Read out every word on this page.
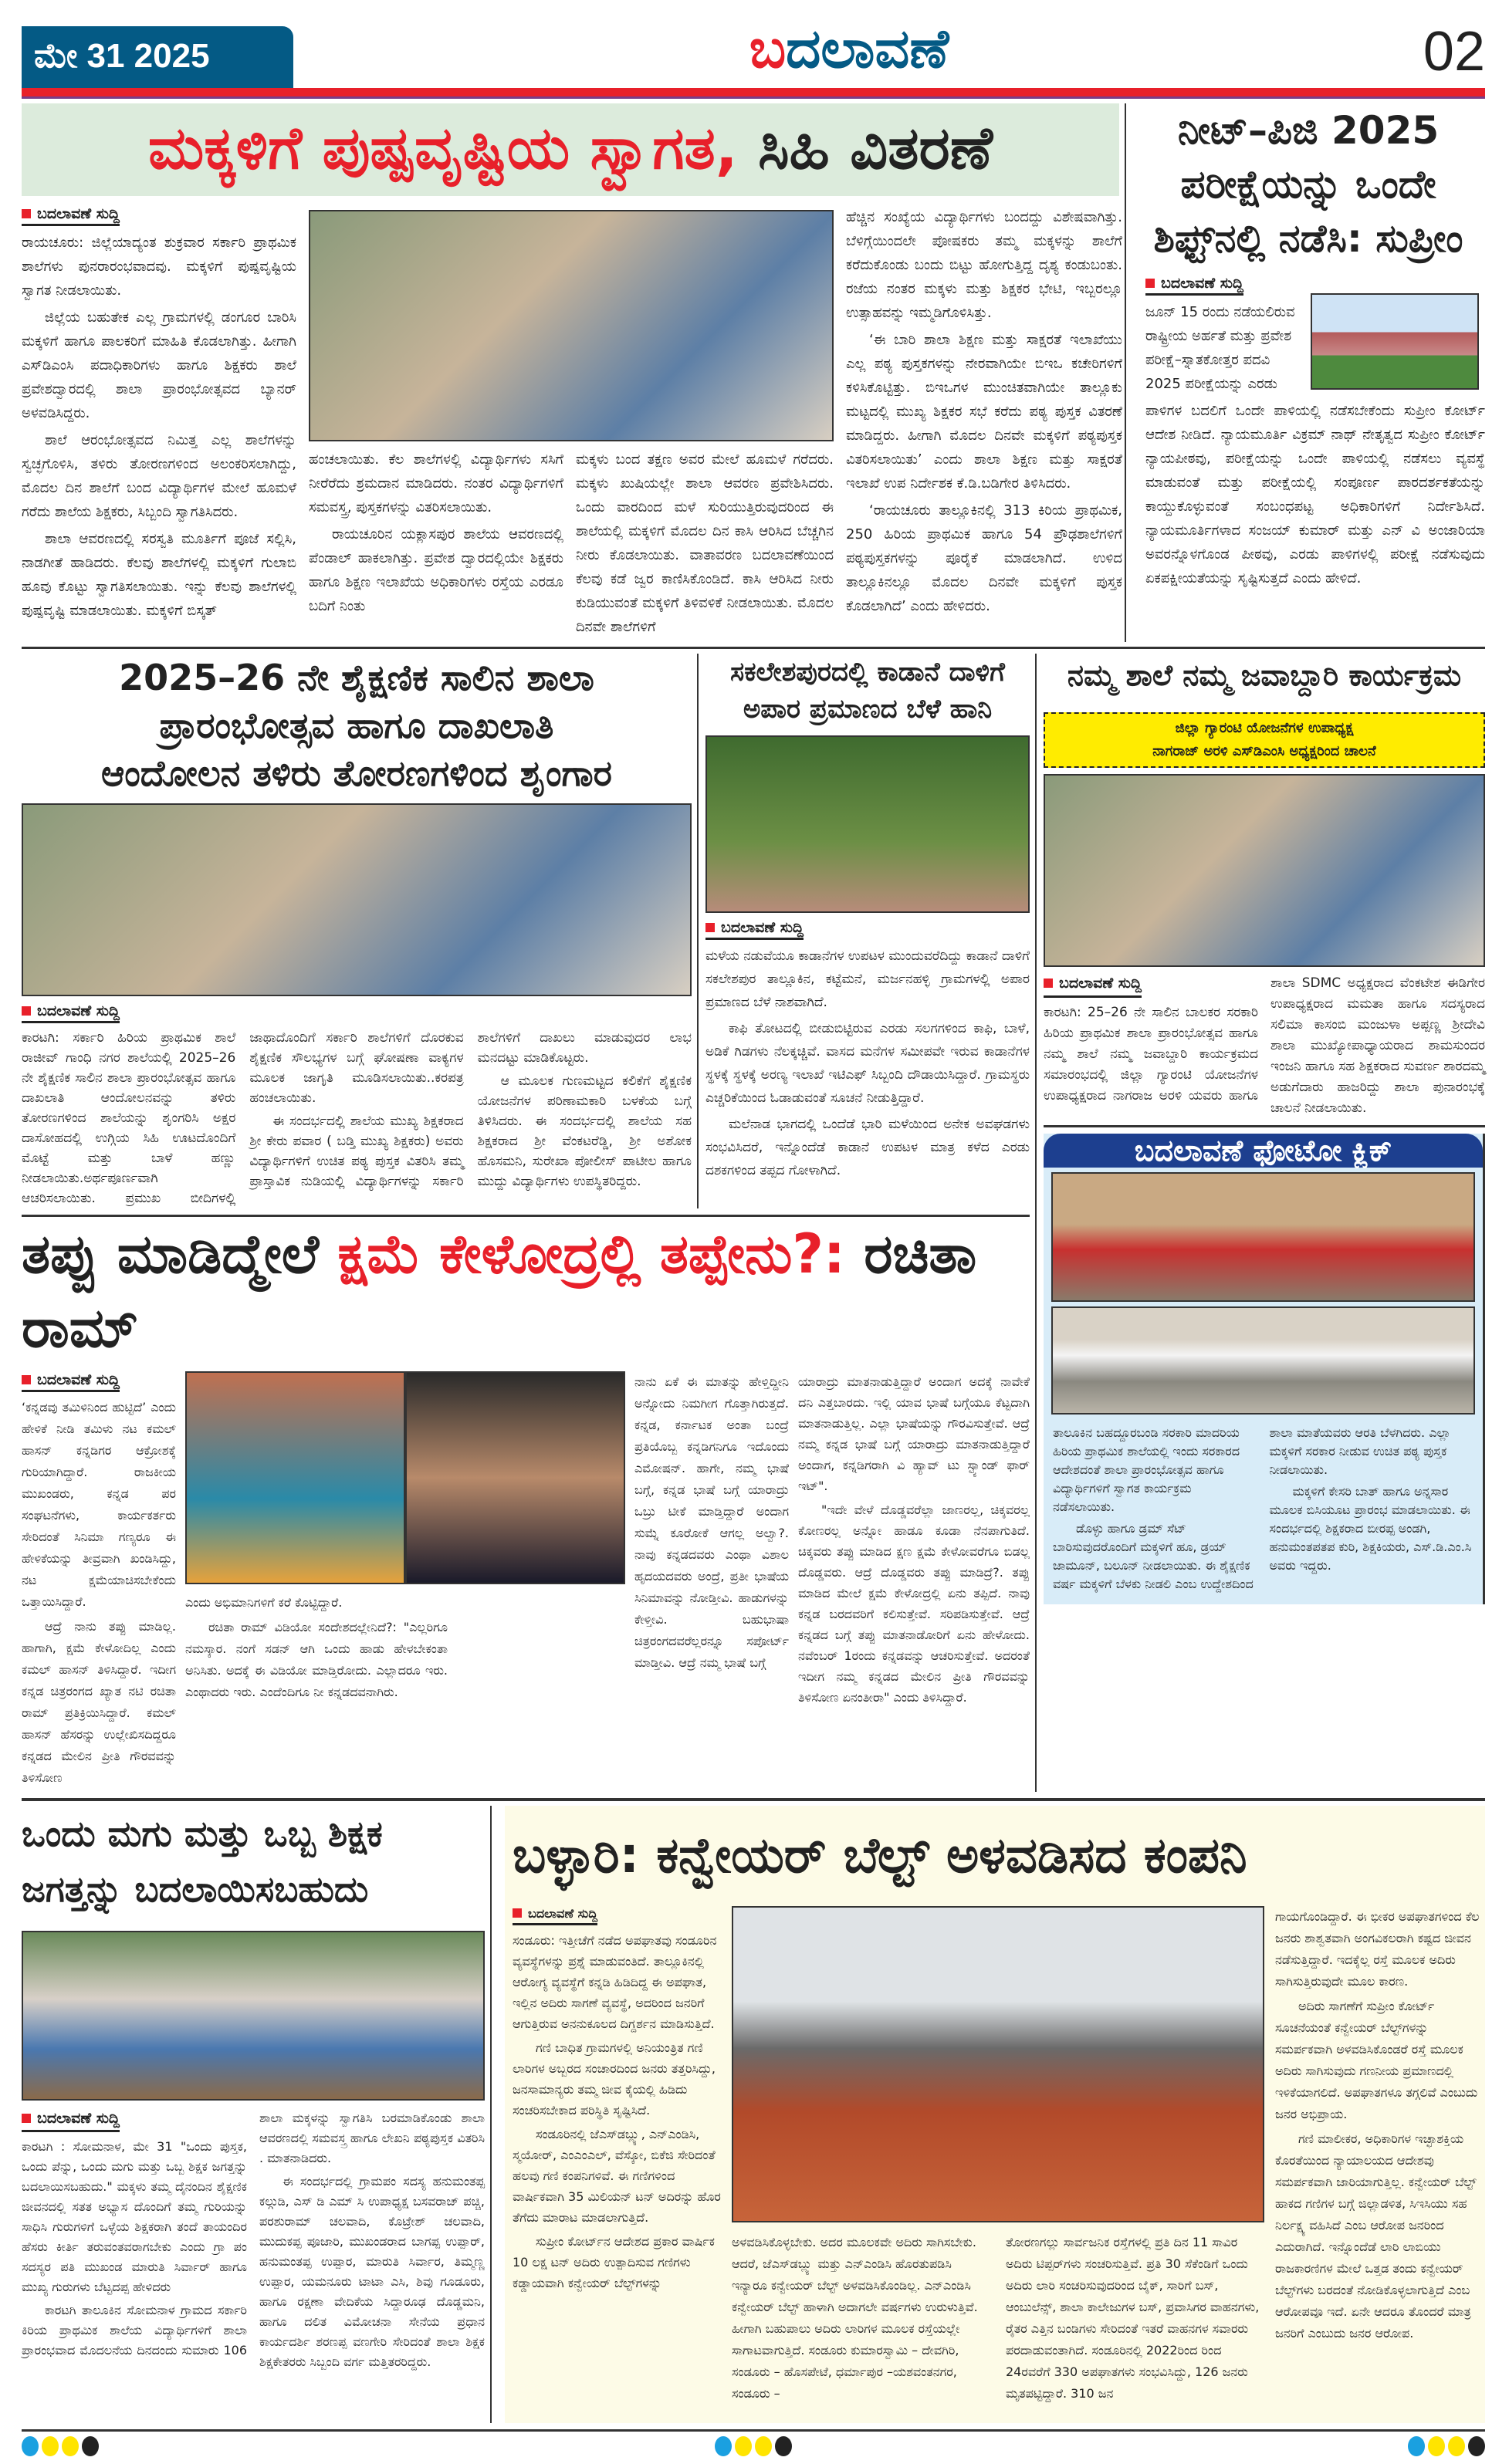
ಮೇ 31 2025	ಬದಲಾವಣೆ	02
ಮಕ್ಕಳಿಗೆ ಪುಷ್ಪವೃಷ್ಟಿಯ ಸ್ವಾಗತ, ಸಿಹಿ ವಿತರಣೆ
ಬದಲಾವಣೆ ಸುದ್ದಿ

ರಾಯಚೂರು: ಜಿಲ್ಲೆಯಾದ್ಯಂತ ಶುಕ್ರವಾರ ಸರ್ಕಾರಿ ಪ್ರಾಥಮಿಕ ಶಾಲೆಗಳು ಪುನರಾರಂಭವಾದವು. ಮಕ್ಕಳಿಗೆ ಪುಷ್ಪವೃಷ್ಟಿಯ ಸ್ವಾಗತ ನೀಡಲಾಯಿತು.

ಜಿಲ್ಲೆಯ ಬಹುತೇಕ ಎಲ್ಲ ಗ್ರಾಮಗಳಲ್ಲಿ ಡಂಗೂರ ಬಾರಿಸಿ ಮಕ್ಕಳಿಗೆ ಹಾಗೂ ಪಾಲಕರಿಗೆ ಮಾಹಿತಿ ಕೊಡಲಾಗಿತ್ತು. ಹೀಗಾಗಿ ಎಸ್‌ಡಿಎಂಸಿ ಪದಾಧಿಕಾರಿಗಳು ಹಾಗೂ ಶಿಕ್ಷಕರು ಶಾಲೆ ಪ್ರವೇಶದ್ವಾರದಲ್ಲಿ ಶಾಲಾ ಪ್ರಾರಂಭೋತ್ಸವದ ಬ್ಯಾನರ್ ಅಳವಡಿಸಿದ್ದರು.

ಶಾಲೆ ಆರಂಭೋತ್ಸವದ ನಿಮಿತ್ತ ಎಲ್ಲ ಶಾಲೆಗಳನ್ನು ಸ್ವಚ್ಛಗೊಳಿಸಿ, ತಳಿರು ತೋರಣಗಳಿಂದ ಅಲಂಕರಿಸಲಾಗಿದ್ದು, ಮೊದಲ ದಿನ ಶಾಲೆಗೆ ಬಂದ ವಿದ್ಯಾರ್ಥಿಗಳ ಮೇಲೆ ಹೂಮಳೆ ಗರೆದು ಶಾಲೆಯ ಶಿಕ್ಷಕರು, ಸಿಬ್ಬಂದಿ ಸ್ವಾಗತಿಸಿದರು.

ಶಾಲಾ ಆವರಣದಲ್ಲಿ ಸರಸ್ವತಿ ಮೂರ್ತಿಗೆ ಪೂಜೆ ಸಲ್ಲಿಸಿ, ನಾಡಗೀತೆ ಹಾಡಿದರು. ಕೆಲವು ಶಾಲೆಗಳಲ್ಲಿ ಮಕ್ಕಳಿಗೆ ಗುಲಾಬಿ ಹೂವು ಕೊಟ್ಟು ಸ್ವಾಗತಿಸಲಾಯಿತು. ಇನ್ನು ಕೆಲವು ಶಾಲೆಗಳಲ್ಲಿ ಪುಷ್ಪವೃಷ್ಟಿ ಮಾಡಲಾಯಿತು. ಮಕ್ಕಳಿಗೆ ಬಿಸ್ಕತ್

ಹಂಚಲಾಯಿತು. ಕೆಲ ಶಾಲೆಗಳಲ್ಲಿ ವಿದ್ಯಾರ್ಥಿಗಳು ಸಸಿಗೆ ನೀರೆರೆದು ಶ್ರಮದಾನ ಮಾಡಿದರು. ನಂತರ ವಿದ್ಯಾರ್ಥಿಗಳಿಗೆ ಸಮವಸ್ತ್ರ, ಪುಸ್ತಕಗಳನ್ನು ವಿತರಿಸಲಾಯಿತು.

ರಾಯಚೂರಿನ ಯಕ್ಲಾಸಪುರ ಶಾಲೆಯ ಆವರಣದಲ್ಲಿ ಪೆಂಡಾಲ್ ಹಾಕಲಾಗಿತ್ತು. ಪ್ರವೇಶ ದ್ವಾರದಲ್ಲಿಯೇ ಶಿಕ್ಷಕರು ಹಾಗೂ ಶಿಕ್ಷಣ ಇಲಾಖೆಯ ಅಧಿಕಾರಿಗಳು ರಸ್ತೆಯ ಎರಡೂ ಬದಿಗೆ ನಿಂತು

ಮಕ್ಕಳು ಬಂದ ತಕ್ಷಣ ಅವರ ಮೇಲೆ ಹೂಮಳೆ ಗರೆದರು. ಮಕ್ಕಳು ಖುಷಿಯಲ್ಲೇ ಶಾಲಾ ಆವರಣ ಪ್ರವೇಶಿಸಿದರು. ಒಂದು ವಾರದಿಂದ ಮಳೆ ಸುರಿಯುತ್ತಿರುವುದರಿಂದ ಈ ಶಾಲೆಯಲ್ಲಿ ಮಕ್ಕಳಿಗೆ ಮೊದಲ ದಿನ ಕಾಸಿ ಆರಿಸಿದ ಬೆಚ್ಚಗಿನ ನೀರು ಕೊಡಲಾಯಿತು. ವಾತಾವರಣ ಬದಲಾವಣೆಯಿಂದ ಕೆಲವು ಕಡೆ ಜ್ವರ ಕಾಣಿಸಿಕೊಂಡಿದೆ. ಕಾಸಿ ಆರಿಸಿದ ನೀರು ಕುಡಿಯುವಂತೆ ಮಕ್ಕಳಿಗೆ ತಿಳಿವಳಿಕೆ ನೀಡಲಾಯಿತು. ಮೊದಲ ದಿನವೇ ಶಾಲೆಗಳಿಗೆ

ಹೆಚ್ಚಿನ ಸಂಖ್ಯೆಯ ವಿದ್ಯಾರ್ಥಿಗಳು ಬಂದದ್ದು ವಿಶೇಷವಾಗಿತ್ತು. ಬೆಳಿಗ್ಗೆಯಿಂದಲೇ ಪೋಷಕರು ತಮ್ಮ ಮಕ್ಕಳನ್ನು ಶಾಲೆಗೆ ಕರೆದುಕೊಂಡು ಬಂದು ಬಿಟ್ಟು ಹೋಗುತ್ತಿದ್ದ ದೃಶ್ಯ ಕಂಡುಬಂತು. ರಜೆಯ ನಂತರ ಮಕ್ಕಳು ಮತ್ತು ಶಿಕ್ಷಕರ ಭೇಟಿ, ಇಬ್ಬರಲ್ಲೂ ಉತ್ಸಾಹವನ್ನು ಇಮ್ಮಡಿಗೊಳಿಸಿತ್ತು.

‘ಈ ಬಾರಿ ಶಾಲಾ ಶಿಕ್ಷಣ ಮತ್ತು ಸಾಕ್ಷರತೆ ಇಲಾಖೆಯು ಎಲ್ಲ ಪಠ್ಯ ಪುಸ್ತಕಗಳನ್ನು ನೇರವಾಗಿಯೇ ಬಿಇಒ ಕಚೇರಿಗಳಿಗೆ ಕಳಿಸಿಕೊಟ್ಟಿತ್ತು. ಬಿಇಒಗಳ ಮುಂಚಿತವಾಗಿಯೇ ತಾಲ್ಲೂಕು ಮಟ್ಟದಲ್ಲಿ ಮುಖ್ಯ ಶಿಕ್ಷಕರ ಸಭೆ ಕರೆದು ಪಠ್ಯ ಪುಸ್ತಕ ವಿತರಣೆ ಮಾಡಿದ್ದರು. ಹೀಗಾಗಿ ಮೊದಲ ದಿನವೇ ಮಕ್ಕಳಿಗೆ ಪಠ್ಯಪುಸ್ತಕ ವಿತರಿಸಲಾಯಿತು’ ಎಂದು ಶಾಲಾ ಶಿಕ್ಷಣ ಮತ್ತು ಸಾಕ್ಷರತೆ ಇಲಾಖೆ ಉಪ ನಿರ್ದೇಶಕ ಕೆ.ಡಿ.ಬಡಿಗೇರ ತಿಳಿಸಿದರು.

‘ರಾಯಚೂರು ತಾಲ್ಲೂಕಿನಲ್ಲಿ 313 ಕಿರಿಯ ಪ್ರಾಥಮಿಕ, 250 ಹಿರಿಯ ಪ್ರಾಥಮಿಕ ಹಾಗೂ 54 ಪ್ರೌಢಶಾಲೆಗಳಿಗೆ ಪಠ್ಯಪುಸ್ತಕಗಳನ್ನು ಪೂರೈಕೆ ಮಾಡಲಾಗಿದೆ. ಉಳಿದ ತಾಲ್ಲೂಕಿನಲ್ಲೂ ಮೊದಲ ದಿನವೇ ಮಕ್ಕಳಿಗೆ ಪುಸ್ತಕ ಕೊಡಲಾಗಿದೆ’ ಎಂದು ಹೇಳಿದರು.

ನೀಟ್‌–ಪಿಜಿ 2025 ಪರೀಕ್ಷೆಯನ್ನು ಒಂದೇ ಶಿಫ್ಟ್‌ನಲ್ಲಿ ನಡೆಸಿ: ಸುಪ್ರೀಂ
ಬದಲಾವಣೆ ಸುದ್ದಿ
ಜೂನ್ 15 ರಂದು ನಡೆಯಲಿರುವ ರಾಷ್ಟ್ರೀಯ ಅರ್ಹತೆ ಮತ್ತು ಪ್ರವೇಶ ಪರೀಕ್ಷೆ–ಸ್ನಾತಕೋತ್ತರ ಪದವಿ 2025 ಪರೀಕ್ಷೆಯನ್ನು ಎರಡು
ಪಾಳಿಗಳ ಬದಲಿಗೆ ಒಂದೇ ಪಾಳಿಯಲ್ಲಿ ನಡೆಸಬೇಕೆಂದು ಸುಪ್ರೀಂ ಕೋರ್ಟ್ ಆದೇಶ ನೀಡಿದೆ. ನ್ಯಾಯಮೂರ್ತಿ ವಿಕ್ರಮ್ ನಾಥ್ ನೇತೃತ್ವದ ಸುಪ್ರೀಂ ಕೋರ್ಟ್ ನ್ಯಾಯಪೀಠವು, ಪರೀಕ್ಷೆಯನ್ನು ಒಂದೇ ಪಾಳಿಯಲ್ಲಿ ನಡೆಸಲು ವ್ಯವಸ್ಥೆ ಮಾಡುವಂತೆ ಮತ್ತು ಪರೀಕ್ಷೆಯಲ್ಲಿ ಸಂಪೂರ್ಣ ಪಾರದರ್ಶಕತೆಯನ್ನು ಕಾಯ್ದುಕೊಳ್ಳುವಂತೆ ಸಂಬಂಧಪಟ್ಟ ಅಧಿಕಾರಿಗಳಿಗೆ ನಿರ್ದೇಶಿಸಿದೆ. ನ್ಯಾಯಮೂರ್ತಿಗಳಾದ ಸಂಜಯ್ ಕುಮಾರ್ ಮತ್ತು ಎನ್ ವಿ ಅಂಜಾರಿಯಾ ಅವರನ್ನೊಳಗೊಂಡ ಪೀಠವು, ಎರಡು ಪಾಳಿಗಳಲ್ಲಿ ಪರೀಕ್ಷೆ ನಡೆಸುವುದು ಏಕಪಕ್ಷೀಯತೆಯನ್ನು ಸೃಷ್ಟಿಸುತ್ತದೆ ಎಂದು ಹೇಳಿದೆ.
2025–26 ನೇ ಶೈಕ್ಷಣಿಕ ಸಾಲಿನ ಶಾಲಾ
ಪ್ರಾರಂಭೋತ್ಸವ ಹಾಗೂ ದಾಖಲಾತಿ
ಆಂದೋಲನ ತಳಿರು ತೋರಣಗಳಿಂದ ಶೃಂಗಾರ
ಬದಲಾವಣೆ ಸುದ್ದಿ

ಕಾರಟಗಿ: ಸರ್ಕಾರಿ ಹಿರಿಯ ಪ್ರಾಥಮಿಕ ಶಾಲೆ ರಾಜೀವ್ ಗಾಂಧಿ ನಗರ ಶಾಲೆಯಲ್ಲಿ 2025–26 ನೇ ಶೈಕ್ಷಣಿಕ ಸಾಲಿನ ಶಾಲಾ ಪ್ರಾರಂಭೋತ್ಸವ ಹಾಗೂ ದಾಖಲಾತಿ ಆಂದೋಲನವನ್ನು ತಳಿರು ತೋರಣಗಳಿಂದ ಶಾಲೆಯನ್ನು ಶೃಂಗರಿಸಿ ಅಕ್ಷರ ದಾಸೋಹದಲ್ಲಿ ಉಗ್ಗಿಯ ಸಿಹಿ ಊಟದೊಂದಿಗೆ ಮೊಟ್ಟೆ ಮತ್ತು ಬಾಳೆ ಹಣ್ಣು ನೀಡಲಾಯಿತು.ಅರ್ಥಪೂರ್ಣವಾಗಿ ಆಚರಿಸಲಾಯಿತು. ಪ್ರಮುಖ ಬೀದಿಗಳಲ್ಲಿ ಜಾಥಾದೊಂದಿಗೆ ಸರ್ಕಾರಿ ಶಾಲೆಗಳಿಗೆ ದೊರಕುವ ಶೈಕ್ಷಣಿಕ ಸೌಲಭ್ಯಗಳ ಬಗ್ಗೆ ಘೋಷಣಾ ವಾಕ್ಯಗಳ ಮೂಲಕ ಜಾಗೃತಿ ಮೂಡಿಸಲಾಯಿತು..ಕರಪತ್ರ ಹಂಚಲಾಯಿತು.

ಈ ಸಂದರ್ಭದಲ್ಲಿ ಶಾಲೆಯ ಮುಖ್ಯ ಶಿಕ್ಷಕರಾದ ಶ್ರೀ ಕೇರು ಪವಾರ ( ಬಡ್ತಿ ಮುಖ್ಯ ಶಿಕ್ಷಕರು) ಅವರು ವಿದ್ಯಾರ್ಥಿಗಳಿಗೆ ಉಚಿತ ಪಠ್ಯ ಪುಸ್ತಕ ವಿತರಿಸಿ ತಮ್ಮ ಪ್ರಾಸ್ತಾವಿಕ ನುಡಿಯಲ್ಲಿ ವಿದ್ಯಾರ್ಥಿಗಳನ್ನು ಸರ್ಕಾರಿ ಶಾಲೆಗಳಿಗೆ ದಾಖಲು ಮಾಡುವುದರ ಲಾಭ ಮನದಟ್ಟು ಮಾಡಿಕೊಟ್ಟರು.

ಆ ಮೂಲಕ ಗುಣಮಟ್ಟದ ಕಲಿಕೆಗೆ ಶೈಕ್ಷಣಿಕ ಯೋಜನೆಗಳ ಪರಿಣಾಮಕಾರಿ ಬಳಕೆಯ ಬಗ್ಗೆ ತಿಳಿಸಿದರು. ಈ ಸಂದರ್ಭದಲ್ಲಿ ಶಾಲೆಯ ಸಹ ಶಿಕ್ಷಕರಾದ ಶ್ರೀ ವೆಂಕಟರೆಡ್ಡಿ, ಶ್ರೀ ಅಶೋಕ ಹೊಸಮನಿ, ಸುರೇಖಾ ಪೋಲೀಸ್ ಪಾಟೀಲ ಹಾಗೂ ಮುದ್ದು ವಿದ್ಯಾರ್ಥಿಗಳು ಉಪಸ್ಥಿತರಿದ್ದರು.

ಸಕಲೇಶಪುರದಲ್ಲಿ ಕಾಡಾನೆ ದಾಳಿಗೆ
ಅಪಾರ ಪ್ರಮಾಣದ ಬೆಳೆ ಹಾನಿ
ಬದಲಾವಣೆ ಸುದ್ದಿ

ಮಳೆಯ ನಡುವೆಯೂ ಕಾಡಾನೆಗಳ ಉಪಟಳ ಮುಂದುವರೆದಿದ್ದು ಕಾಡಾನೆ ದಾಳಿಗೆ ಸಕಲೇಶಪುರ ತಾಲ್ಲೂಕಿನ, ಕಟ್ಟೆಮನೆ, ಮರ್ಜನಹಳ್ಳಿ ಗ್ರಾಮಗಳಲ್ಲಿ ಅಪಾರ ಪ್ರಮಾಣದ ಬೆಳೆ ನಾಶವಾಗಿದೆ.

ಕಾಫಿ ತೋಟದಲ್ಲಿ ಬೀಡುಬಿಟ್ಟಿರುವ ಎರಡು ಸಲಗಗಳಿಂದ ಕಾಫಿ, ಬಾಳೆ, ಅಡಿಕೆ ಗಿಡಗಳು ನೆಲಕ್ಕಚ್ಚಿವೆ. ವಾಸದ ಮನೆಗಳ ಸಮೀಪವೇ ಇರುವ ಕಾಡಾನೆಗಳ ಸ್ಥಳಕ್ಕೆ ಸ್ಥಳಕ್ಕೆ ಅರಣ್ಯ ಇಲಾಖೆ ಇಟಿಎಫ್ ಸಿಬ್ಬಂದಿ ದೌಡಾಯಿಸಿದ್ದಾರೆ. ಗ್ರಾಮಸ್ಥರು ಎಚ್ಚರಿಕೆಯಿಂದ ಓಡಾಡುವಂತೆ ಸೂಚನೆ ನೀಡುತ್ತಿದ್ದಾರೆ.

ಮಲೆನಾಡ ಭಾಗದಲ್ಲಿ ಒಂದೆಡೆ ಭಾರಿ ಮಳೆಯಿಂದ ಅನೇಕ ಅವಘಡಗಳು ಸಂಭವಿಸಿದರೆ, ಇನ್ನೊಂದೆಡೆ ಕಾಡಾನೆ ಉಪಟಳ ಮಾತ್ರ ಕಳೆದ ಎರಡು ದಶಕಗಳಿಂದ ತಪ್ಪದ ಗೋಳಾಗಿದೆ.

ತಪ್ಪು ಮಾಡಿದ್ಮೇಲೆ ಕ್ಷಮೆ ಕೇಳೋದ್ರಲ್ಲಿ ತಪ್ಪೇನು?: ರಚಿತಾ ರಾಮ್
ಬದಲಾವಣೆ ಸುದ್ದಿ

‘ಕನ್ನಡವು ತಮಿಳಿನಿಂದ ಹುಟ್ಟಿದೆ’ ಎಂದು ಹೇಳಿಕೆ ನೀಡಿ ತಮಿಳು ನಟ ಕಮಲ್ ಹಾಸನ್ ಕನ್ನಡಿಗರ ಆಕ್ರೋಶಕ್ಕೆ ಗುರಿಯಾಗಿದ್ದಾರೆ. ರಾಜಕೀಯ ಮುಖಂಡರು, ಕನ್ನಡ ಪರ ಸಂಘಟನೆಗಳು, ಕಾರ್ಯಕರ್ತರು ಸೇರಿದಂತೆ ಸಿನಿಮಾ ಗಣ್ಯರೂ ಈ ಹೇಳಿಕೆಯನ್ನು ತೀವ್ರವಾಗಿ ಖಂಡಿಸಿದ್ದು, ನಟ ಕ್ಷಮೆಯಾಚಿಸಬೇಕೆಂದು ಒತ್ತಾಯಿಸಿದ್ದಾರೆ.

ಆದ್ರೆ ನಾನು ತಪ್ಪು ಮಾಡಿಲ್ಲ. ಹಾಗಾಗಿ, ಕ್ಷಮೆ ಕೇಳೋದಿಲ್ಲ ಎಂದು ಕಮಲ್ ಹಾಸನ್ ತಿಳಿಸಿದ್ದಾರೆ. ಇದೀಗ ಕನ್ನಡ ಚಿತ್ರರಂಗದ ಖ್ಯಾತ ನಟಿ ರಚಿತಾ ರಾಮ್ ಪ್ರತಿಕ್ರಿಯಿಸಿದ್ದಾರೆ. ಕಮಲ್ ಹಾಸನ್ ಹೆಸರನ್ನು ಉಲ್ಲೇಖಿಸದಿದ್ದರೂ ಕನ್ನಡದ ಮೇಲಿನ ಪ್ರೀತಿ ಗೌರವವನ್ನು ತಿಳಿಸೋಣ

ಎಂದು ಅಭಿಮಾನಿಗಳಿಗೆ ಕರೆ ಕೊಟ್ಟಿದ್ದಾರೆ.

ರಚಿತಾ ರಾಮ್ ವಿಡಿಯೋ ಸಂದೇಶದಲ್ಲೇನಿದೆ?: "ಎಲ್ಲರಿಗೂ ನಮಸ್ಕಾರ. ನಂಗೆ ಸಡನ್ ಆಗಿ ಒಂದು ಹಾಡು ಹೇಳಬೇಕಂತಾ ಅನಿಸಿತು. ಅದಕ್ಕೆ ಈ ವಿಡಿಯೋ ಮಾಡ್ತಿರೋದು. ಎಲ್ಲಾದರೂ ಇರು. ಎಂಥಾದರು ಇರು. ಎಂದೆಂದಿಗೂ ನೀ ಕನ್ನಡದವನಾಗಿರು.

ನಾನು ಏಕೆ ಈ ಮಾತನ್ನು ಹೇಳ್ತಿದ್ದೀನಿ ಅನ್ನೋದು ನಿಮಗೀಗ ಗೊತ್ತಾಗಿರುತ್ತದೆ. ಕನ್ನಡ, ಕರ್ನಾಟಕ ಅಂತಾ ಬಂದ್ರೆ ಪ್ರತಿಯೊಬ್ಬ ಕನ್ನಡಿಗನಿಗೂ ಇದೊಂದು ಎಮೋಷನ್. ಹಾಗೇ, ನಮ್ಮ ಭಾಷೆ ಬಗ್ಗೆ, ಕನ್ನಡ ಭಾಷೆ ಬಗ್ಗೆ ಯಾರಾದ್ರು ಒಬ್ರು ಟೀಕೆ ಮಾಡ್ತಿದ್ದಾರೆ ಅಂದಾಗ ಸುಮ್ನೆ ಕೂರೋಕೆ ಆಗಲ್ಲ ಅಲ್ವಾ?. ನಾವು ಕನ್ನಡದವರು ಎಂಥಾ ವಿಶಾಲ ಹೃದಯದವರು ಅಂದ್ರೆ, ಪ್ರತೀ ಭಾಷೆಯ ಸಿನಿಮಾವನ್ನು ನೋಡ್ತೀವಿ. ಹಾಡುಗಳನ್ನು ಕೇಳ್ತೀವಿ. ಬಹುಭಾಷಾ ಚಿತ್ರರಂಗದವರೆಲ್ಲರನ್ನೂ ಸಪೋರ್ಟ್ ಮಾಡ್ತೀವಿ. ಆದ್ರೆ ನಮ್ಮ ಭಾಷೆ ಬಗ್ಗೆ

ಯಾರಾದ್ರು ಮಾತನಾಡುತ್ತಿದ್ದಾರೆ ಅಂದಾಗ ಅದಕ್ಕೆ ನಾವೇಕೆ ದನಿ ಎತ್ತಬಾರದು. ಇಲ್ಲಿ ಯಾವ ಭಾಷೆ ಬಗ್ಗೆಯೂ ಕೆಟ್ಟದಾಗಿ ಮಾತನಾಡುತ್ತಿಲ್ಲ. ಎಲ್ಲಾ ಭಾಷೆಯನ್ನು ಗೌರವಿಸುತ್ತೇವೆ. ಆದ್ರೆ ನಮ್ಮ ಕನ್ನಡ ಭಾಷೆ ಬಗ್ಗೆ ಯಾರಾದ್ರು ಮಾತನಾಡುತ್ತಿದ್ದಾರೆ ಅಂದಾಗ, ಕನ್ನಡಿಗರಾಗಿ ವಿ ಹ್ಯಾವ್ ಟು ಸ್ಟ್ಯಾಂಡ್ ಫಾರ್ ಇಟ್".

"ಇದೇ ವೇಳೆ ದೊಡ್ಡವರೆಲ್ಲಾ ಜಾಣರಲ್ಲ, ಚಿಕ್ಕವರಲ್ಲ ಕೋಣರಲ್ಲ ಅನ್ನೋ ಹಾಡೂ ಕೂಡಾ ನೆನಪಾಗುತಿದೆ. ಚಿಕ್ಕವರು ತಪ್ಪು ಮಾಡಿದ ಕ್ಷಣ ಕ್ಷಮೆ ಕೇಳೋವರೆಗೂ ಬಿಡಲ್ಲ ದೊಡ್ಡವರು. ಆದ್ರೆ ದೊಡ್ಡವರು ತಪ್ಪು ಮಾಡಿದ್ರೆ?. ತಪ್ಪು ಮಾಡಿದ ಮೇಲೆ ಕ್ಷಮೆ ಕೇಳೋದ್ರಲ್ಲಿ ಏನು ತಪ್ಪಿದೆ. ನಾವು ಕನ್ನಡ ಬರದವರಿಗೆ ಕಲಿಸುತ್ತೇವೆ. ಸರಿಪಡಿಸುತ್ತೇವೆ. ಆದ್ರೆ ಕನ್ನಡದ ಬಗ್ಗೆ ತಪ್ಪು ಮಾತನಾಡೋರಿಗೆ ಏನು ಹೇಳೋದು. ನವೆಂಬರ್ 1ರಂದು ಕನ್ನಡವನ್ನು ಆಚರಿಸುತ್ತೇವೆ. ಅದರಂತೆ ಇದೀಗ ನಮ್ಮ ಕನ್ನಡದ ಮೇಲಿನ ಪ್ರೀತಿ ಗೌರವವನ್ನು ತಿಳಿಸೋಣ ಏನಂತೀರಾ" ಎಂದು ತಿಳಿಸಿದ್ದಾರೆ.

ನಮ್ಮ ಶಾಲೆ ನಮ್ಮ ಜವಾಬ್ದಾರಿ ಕಾರ್ಯಕ್ರಮ
ಜಿಲ್ಲಾ ಗ್ಯಾರಂಟಿ ಯೋಜನೆಗಳ ಉಪಾಧ್ಯಕ್ಷ
ನಾಗರಾಜ್ ಅರಳಿ ಎಸ್‌ಡಿಎಂಸಿ ಅಧ್ಯಕ್ಷರಿಂದ ಚಾಲನೆ
ಬದಲಾವಣೆ ಸುದ್ದಿ

ಕಾರಟಗಿ: 25–26 ನೇ ಸಾಲಿನ ಬಾಲಕರ ಸರಕಾರಿ ಹಿರಿಯ ಪ್ರಾಥಮಿಕ ಶಾಲಾ ಪ್ರಾರಂಭೋತ್ಸವ ಹಾಗೂ ನಮ್ಮ ಶಾಲೆ ನಮ್ಮ ಜವಾಬ್ದಾರಿ ಕಾರ್ಯಕ್ರಮದ ಸಮಾರಂಭದಲ್ಲಿ ಜಿಲ್ಲಾ ಗ್ಯಾರಂಟಿ ಯೋಜನೆಗಳ ಉಪಾಧ್ಯಕ್ಷರಾದ ನಾಗರಾಜ ಅರಳಿ ಯವರು ಹಾಗೂ ಶಾಲಾ SDMC ಅಧ್ಯಕ್ಷರಾದ ವೆಂಕಟೇಶ ಈಡಿಗೇರ ಉಪಾಧ್ಯಕ್ಷರಾದ ಮಮತಾ ಹಾಗೂ ಸದಸ್ಯರಾದ ಸಲಿಮಾ ಕಾಸಂಬಿ ಮಂಜುಳಾ ಅಪ್ಪಣ್ಣ ಶ್ರೀದೇವಿ ಶಾಲಾ ಮುಖ್ಯೋಪಾಧ್ಯಾಯರಾದ ಶಾಮಸುಂದರ ಇಂಜನಿ ಹಾಗೂ ಸಹ ಶಿಕ್ಷಕರಾದ ಸುವರ್ಣ ಶಾರದಮ್ಮ ಅಡುಗೆದಾರು ಹಾಜರಿದ್ದು ಶಾಲಾ ಪುನಾರಂಭಕ್ಕೆ ಚಾಲನೆ ನೀಡಲಾಯಿತು.

ಬದಲಾವಣೆ ಫೋಟೋ ಕ್ಲಿಕ್

ತಾಲೂಕಿನ ಬಹದ್ದೂರಬಂಡಿ ಸರಕಾರಿ ಮಾದರಿಯ ಹಿರಿಯ ಪ್ರಾಥಮಿಕ ಶಾಲೆಯಲ್ಲಿ ಇಂದು ಸರಕಾರದ ಆದೇಶದಂತೆ ಶಾಲಾ ಪ್ರಾರಂಭೋತ್ಸವ ಹಾಗೂ ವಿದ್ಯಾರ್ಥಿಗಳಿಗೆ ಸ್ವಾಗತ ಕಾರ್ಯಕ್ರಮ ನಡೆಸಲಾಯಿತು.

ಡೊಳ್ಳು ಹಾಗೂ ಡ್ರಮ್ ಸೆಟ್ ಬಾರಿಸುವುದರೊಂದಿಗೆ ಮಕ್ಕಳಿಗೆ ಹೂ, ಡ್ರಯ್ ಜಾಮೂನ್, ಬಲೂನ್ ನೀಡಲಾಯಿತು. ಈ ಶೈಕ್ಷಣಿಕ ವರ್ಷ ಮಕ್ಕಳಿಗೆ ಬೆಳಕು ನೀಡಲಿ ಎಂಬ ಉದ್ದೇಶದಿಂದ ಶಾಲಾ ಮಾತೆಯವರು ಆರತಿ ಬೆಳಗಿದರು. ಎಲ್ಲಾ ಮಕ್ಕಳಿಗೆ ಸರಕಾರ ನೀಡುವ ಉಚಿತ ಪಠ್ಯ ಪುಸ್ತಕ ನೀಡಲಾಯಿತು.

ಮಕ್ಕಳಿಗೆ ಕೇಸರಿ ಬಾತ್ ಹಾಗೂ ಅನ್ನಸಾರ ಮೂಲಕ ಬಿಸಿಯೂಟ ಪ್ರಾರಂಭ ಮಾಡಲಾಯಿತು. ಈ ಸಂದರ್ಭದಲ್ಲಿ ಶಿಕ್ಷಕರಾದ ಬೀರಪ್ಪ ಅಂಡಗಿ, ಹನುಮಂತಪತಪ ಕುರಿ, ಶಿಕ್ಷಕಿಯರು, ಎಸ್.ಡಿ.ಎಂ.ಸಿ ಅವರು ಇದ್ದರು.

ಒಂದು ಮಗು ಮತ್ತು ಒಬ್ಬ ಶಿಕ್ಷಕ
ಜಗತ್ತನ್ನು ಬದಲಾಯಿಸಬಹುದು
ಬದಲಾವಣೆ ಸುದ್ದಿ

ಕಾರಟಗಿ : ಸೋಮನಾಳ, ಮೇ 31 "ಒಂದು ಪುಸ್ತಕ, ಒಂದು ಪೆನ್ನು, ಒಂದು ಮಗು ಮತ್ತು ಒಬ್ಬ ಶಿಕ್ಷಕ ಜಗತ್ತನ್ನು ಬದಲಾಯಿಸಬಹುದು." ಮಕ್ಕಳು ತಮ್ಮ ದೈನಂದಿನ ಶೈಕ್ಷಣಿಕ ಜೀವನದಲ್ಲಿ ಸತತ ಅಭ್ಯಾಸ ದೊಂದಿಗೆ ತಮ್ಮ ಗುರಿಯನ್ನು ಸಾಧಿಸಿ ಗುರುಗಳಿಗೆ ಒಳ್ಳೆಯ ಶಿಕ್ಷಕರಾಗಿ ತಂದೆ ತಾಯಂದಿರ ಹೆಸರು ಕೀರ್ತಿ ತರುವಂತವರಾಗಬೇಕು ಎಂದು ಗ್ರಾ ಪಂ ಸದಸ್ಯರ ಪತಿ ಮುಖಂಡ ಮಾರುತಿ ಸಿರ್ವಾರ್ ಹಾಗೂ ಮುಖ್ಯ ಗುರುಗಳು ಬೆಟ್ಟದಪ್ಪ ಹೇಳಿದರು

ಕಾರಟಗಿ ತಾಲೂಕಿನ ಸೋಮನಾಳ ಗ್ರಾಮದ ಸರ್ಕಾರಿ ಕಿರಿಯ ಪ್ರಾಥಮಿಕ ಶಾಲೆಯ ವಿದ್ಯಾರ್ಥಿಗಳಿಗೆ ಶಾಲಾ ಪ್ರಾರಂಭವಾದ ಮೊದಲನೆಯ ದಿನದಂದು ಸುಮಾರು 106 ಶಾಲಾ ಮಕ್ಕಳನ್ನು ಸ್ವಾಗತಿಸಿ ಬರಮಾಡಿಕೊಂಡು ಶಾಲಾ ಆವರಣದಲ್ಲಿ ಸಮವಸ್ತ್ರ ಹಾಗೂ ಲೇಖನಿ ಪಠ್ಯಪುಸ್ತಕ ವಿತರಿಸಿ . ಮಾತನಾಡಿದರು.

ಈ ಸಂದರ್ಭದಲ್ಲಿ ಗ್ರಾಮಪಂ ಸದಸ್ಯ ಹನುಮಂತಪ್ಪ ಕಲ್ಗುಡಿ, ಎಸ್ ಡಿ ಎಮ್ ಸಿ ಉಪಾಧ್ಯಕ್ಷ ಬಸವರಾಜ್ ಪಚ್ಚಿ, ಪರಶುರಾಮ್ ಚಲವಾದಿ, ಕೊಟ್ರೇಶ್ ಚಲವಾದಿ, ಮುದುಕಪ್ಪ ಪೂಜಾರಿ, ಮುಖಂಡರಾದ ಬಾಗಪ್ಪ ಉಪ್ಪಾರ್, ಹನುಮಂತಪ್ಪ ಉಪ್ಪಾರ, ಮಾರುತಿ ಸಿರ್ವಾರ, ತಿಮ್ಮಣ್ಣ ಉಪ್ಪಾರ, ಯಮನೂರು ಟಾಟಾ ಎಸಿ, ಶಿವು ಗೂಡೂರು, ಹಾಗೂ ರಕ್ಷಣಾ ವೇದಿಕೆಯ ಸಿದ್ದಾರೂಢ ದೊಡ್ಡಮನಿ, ಹಾಗೂ ದಲಿತ ವಿಮೋಚನಾ ಸೇನೆಯ ಪ್ರಧಾನ ಕಾರ್ಯದರ್ಶಿ ಶರಣಪ್ಪ ವಣಗೇರಿ ಸೇರಿದಂತೆ ಶಾಲಾ ಶಿಕ್ಷಕ ಶಿಕ್ಷಕೇತರರು ಸಿಬ್ಬಂದಿ ವರ್ಗ ಮತ್ತಿತರರಿದ್ದರು.

ಬಳ್ಳಾರಿ: ಕನ್ವೇಯರ್ ಬೆಲ್ಟ್ ಅಳವಡಿಸದ ಕಂಪನಿ
ಬದಲಾವಣೆ ಸುದ್ದಿ

ಸಂಡೂರು: ಇತ್ತೀಚೆಗೆ ನಡೆದ ಅಪಘಾತವು ಸಂಡೂರಿನ ವ್ಯವಸ್ಥೆಗಳನ್ನು ಪ್ರಶ್ನೆ ಮಾಡುವಂತಿದೆ. ತಾಲ್ಲೂಕಿನಲ್ಲಿ ಆರೋಗ್ಯ ವ್ಯವಸ್ಥೆಗೆ ಕನ್ನಡಿ ಹಿಡಿದಿದ್ದ ಈ ಅಪಘಾತ, ಇಲ್ಲಿನ ಅದಿರು ಸಾಗಣೆ ವ್ಯವಸ್ಥೆ, ಅದರಿಂದ ಜನರಿಗೆ ಆಗುತ್ತಿರುವ ಅನನುಕೂಲದ ದಿಗ್ದರ್ಶನ ಮಾಡಿಸುತ್ತಿದೆ.

ಗಣಿ ಬಾಧಿತ ಗ್ರಾಮಗಳಲ್ಲಿ ಅನಿಯಂತ್ರಿತ ಗಣಿ ಲಾರಿಗಳ ಅಬ್ಬರದ ಸಂಚಾರದಿಂದ ಜನರು ತತ್ತರಿಸಿದ್ದು, ಜನಸಾಮಾನ್ಯರು ತಮ್ಮ ಜೀವ ಕೈಯಲ್ಲಿ ಹಿಡಿದು ಸಂಚರಿಸಬೇಕಾದ ಪರಿಸ್ಥಿತಿ ಸೃಷ್ಟಿಸಿದೆ.

ಸಂಡೂರಿನಲ್ಲಿ ಜೆಎಸ್‌ಡಬ್ಲ್ಯು, ಎನ್‌ಎಂಡಿಸಿ, ಸ್ಮಯೋರ್, ಎಂಎಂಎಲ್, ವೆಸ್ಕೋ, ಬಿಕೆಜಿ ಸೇರಿದಂತೆ ಹಲವು ಗಣಿ ಕಂಪನಿಗಳಿವೆ. ಈ ಗಣಿಗಳಿಂದ ವಾರ್ಷಿಕವಾಗಿ 35 ಮಿಲಿಯನ್ ಟನ್ ಅದಿರನ್ನು ಹೊರ ತೆಗೆದು ಮಾರಾಟ ಮಾಡಲಾಗುತ್ತಿದೆ.

ಸುಪ್ರೀಂ ಕೋರ್ಟ್‌ನ ಆದೇಶದ ಪ್ರಕಾರ ವಾರ್ಷಿಕ 10 ಲಕ್ಷ ಟನ್ ಅದಿರು ಉತ್ಪಾದಿಸುವ ಗಣಿಗಳು ಕಡ್ಡಾಯವಾಗಿ ಕನ್ವೇಯರ್ ಬೆಲ್ಟ್‌ಗಳನ್ನು

ಅಳವಡಿಸಿಕೊಳ್ಳಬೇಕು. ಅದರ ಮೂಲಕವೇ ಅದಿರು ಸಾಗಿಸಬೇಕು. ಆದರೆ, ಜೆಎಸ್‌ಡಬ್ಲ್ಯು ಮತ್ತು ಎನ್‌ಎಂಡಿಸಿ ಹೊರತುಪಡಿಸಿ ಇನ್ಯಾರೂ ಕನ್ವೇಯರ್ ಬೆಲ್ಟ್ ಅಳವಡಿಸಿಕೊಂಡಿಲ್ಲ. ಎನ್‌ಎಂಡಿಸಿ ಕನ್ವೇಯರ್ ಬೆಲ್ಟ್ ಹಾಳಾಗಿ ಅದಾಗಲೇ ವರ್ಷಗಳು ಉರುಳುತ್ತಿವೆ. ಹೀಗಾಗಿ ಬಹುಪಾಲು ಅದಿರು ಲಾರಿಗಳ ಮೂಲಕ ರಸ್ತೆಯಲ್ಲೇ ಸಾಗಾಟವಾಗುತ್ತಿದೆ. ಸಂಡೂರು ಕುಮಾರಸ್ವಾಮಿ – ದೇವಗಿರಿ, ಸಂಡೂರು – ಹೊಸಪೇಟೆ, ಧರ್ಮಾಪುರ –ಯಶವಂತನಗರ, ಸಂಡೂರು –

ತೋರಣಗಲ್ಲು ಸಾರ್ವಜನಿಕ ರಸ್ತೆಗಳಲ್ಲಿ ಪ್ರತಿ ದಿನ 11 ಸಾವಿರ ಅದಿರು ಟಿಪ್ಪರ್‌ಗಳು ಸಂಚರಿಸುತ್ತಿವೆ. ಪ್ರತಿ 30 ಸೆಕೆಂಡಿಗೆ ಒಂದು ಅದಿರು ಲಾರಿ ಸಂಚರಿಸುವುದರಿಂದ ಬೈಕ್, ಸಾರಿಗೆ ಬಸ್, ಆಂಬುಲೆನ್ಸ್, ಶಾಲಾ ಕಾಲೇಜುಗಳ ಬಸ್, ಪ್ರವಾಸಿಗರ ವಾಹನಗಳು, ರೈತರ ಎತ್ತಿನ ಬಂಡಿಗಳು ಸೇರಿದಂತೆ ಇತರೆ ವಾಹನಗಳ ಸವಾರರು ಪರದಾಡುವಂತಾಗಿದೆ. ಸಂಡೂರಿನಲ್ಲಿ 2022ರಿಂದ ರಿಂದ 24ರವರೆಗೆ 330 ಅಪಘಾತಗಳು ಸಂಭವಿಸಿದ್ದು, 126 ಜನರು ಮೃತಪಟ್ಟಿದ್ದಾರೆ. 310 ಜನ

ಗಾಯಗೊಂಡಿದ್ದಾರೆ. ಈ ಭೀಕರ ಅಪಘಾತಗಳಿಂದ ಕೆಲ ಜನರು ಶಾಶ್ವತವಾಗಿ ಅಂಗವಿಕಲರಾಗಿ ಕಷ್ಟದ ಜೀವನ ನಡೆಸುತ್ತಿದ್ದಾರೆ. ಇದಕ್ಕೆಲ್ಲ ರಸ್ತೆ ಮೂಲಕ ಅದಿರು ಸಾಗಿಸುತ್ತಿರುವುದೇ ಮೂಲ ಕಾರಣ.

ಅದಿರು ಸಾಗಣೆಗೆ ಸುಪ್ರೀಂ ಕೋರ್ಟ್ ಸೂಚನೆಯಂತೆ ಕನ್ವೇಯರ್ ಬೆಲ್ಟ್‌ಗಳನ್ನು ಸಮರ್ಪಕವಾಗಿ ಅಳವಡಿಸಿಕೊಂಡರೆ ರಸ್ತೆ ಮೂಲಕ ಅದಿರು ಸಾಗಿಸುವುದು ಗಣನೀಯ ಪ್ರಮಾಣದಲ್ಲಿ ಇಳಿಕೆಯಾಗಲಿದೆ. ಅಪಘಾತಗಳೂ ತಗ್ಗಲಿವೆ ಎಂಬುದು ಜನರ ಅಭಿಪ್ರಾಯ.

ಗಣಿ ಮಾಲೀಕರ, ಅಧಿಕಾರಿಗಳ ಇಚ್ಛಾಶಕ್ತಿಯ ಕೊರತೆಯಿಂದ ನ್ಯಾಯಾಲಯದ ಆದೇಶವು ಸಮರ್ಪಕವಾಗಿ ಜಾರಿಯಾಗುತ್ತಿಲ್ಲ. ಕನ್ವೇಯರ್ ಬೆಲ್ಟ್ ಹಾಕದ ಗಣಿಗಳ ಬಗ್ಗೆ ಜಿಲ್ಲಾಡಳಿತ, ಸಿಇಸಿಯು ಸಹ ನಿರ್ಲಕ್ಷ್ಯ ವಹಿಸಿದೆ ಎಂಬ ಆರೋಪ ಜನರಿಂದ ಎದುರಾಗಿದೆ. ಇನ್ನೊಂದೆಡೆ ಲಾರಿ ಲಾಬಿಯು ರಾಜಕಾರಣಿಗಳ ಮೇಲೆ ಒತ್ತಡ ತಂದು ಕನ್ವೇಯರ್ ಬೆಲ್ಟ್‌ಗಳು ಬರದಂತೆ ನೋಡಿಕೊಳ್ಳಲಾಗುತ್ತಿದೆ ಎಂಬ ಆರೋಪವೂ ಇದೆ. ಏನೇ ಆದರೂ ತೊಂದರೆ ಮಾತ್ರ ಜನರಿಗೆ ಎಂಬುದು ಜನರ ಆರೋಪ.
